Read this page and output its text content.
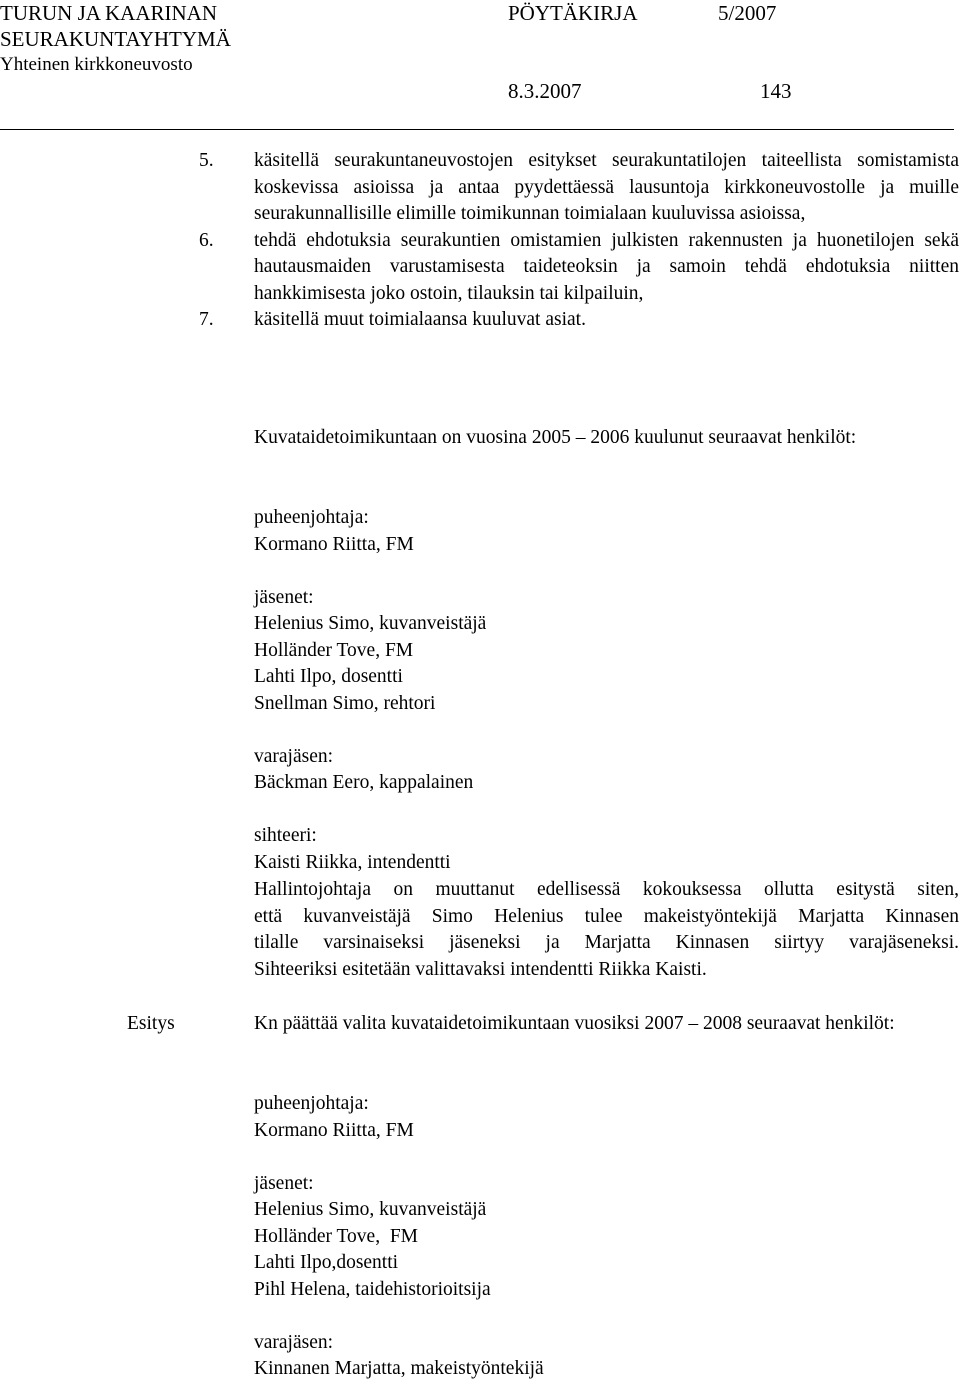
TURUN JA KAARINAN
SEURAKUNTAYHTYMÄ
Yhteinen kirkkoneuvosto
PÖYTÄKIRJA	5/2007
8.3.2007	143
5. käsitellä seurakuntaneuvostojen esitykset seurakuntatilojen taiteellista somistamista koskevissa asioissa ja antaa pyydettäessä lausuntoja kirkkoneuvostolle ja muille seurakunnallisille elimille toimikunnan toimialaan kuuluvissa asioissa,
6. tehdä ehdotuksia seurakuntien omistamien julkisten rakennusten ja huonetilojen sekä hautausmaiden varustamisesta taideteoksin ja samoin tehdä ehdotuksia niitten hankkimisesta joko ostoin, tilauksin tai kilpailuin,
7. käsitellä muut toimialaansa kuuluvat asiat.
Kuvataidetoimikuntaan on vuosina 2005 – 2006 kuulunut seuraavat henkilöt:
puheenjohtaja:
Kormano Riitta, FM
jäsenet:
Helenius Simo, kuvanveistäjä
Holländer Tove, FM
Lahti Ilpo, dosentti
Snellman Simo, rehtori
varajäsen:
Bäckman Eero, kappalainen
sihteeri:
Kaisti Riikka, intendentti
Hallintojohtaja on muuttanut edellisessä kokouksessa ollutta esitystä siten,
että kuvanveistäjä Simo Helenius tulee makeistyöntekijä Marjatta Kinnasen
tilalle varsinaiseksi jäseneksi ja Marjatta Kinnasen siirtyy varajäseneksi.
Sihteeriksi esitetään valittavaksi intendentti Riikka Kaisti.
Esitys	Kn päättää valita kuvataidetoimikuntaan vuosiksi 2007 – 2008 seuraavat henkilöt:
puheenjohtaja:
Kormano Riitta, FM
jäsenet:
Helenius Simo, kuvanveistäjä
Holländer Tove,  FM
Lahti Ilpo,dosentti
Pihl Helena, taidehistorioitsija
varajäsen:
Kinnanen Marjatta, makeistyöntekijä
